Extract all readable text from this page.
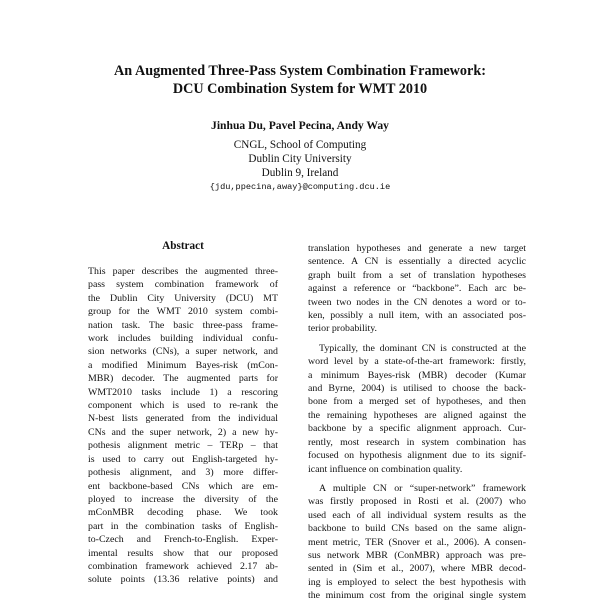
An Augmented Three-Pass System Combination Framework:
DCU Combination System for WMT 2010
Jinhua Du, Pavel Pecina, Andy Way
CNGL, School of Computing
Dublin City University
Dublin 9, Ireland
{jdu,ppecina,away}@computing.dcu.ie
Abstract
This paper describes the augmented three-
pass system combination framework of
the Dublin City University (DCU) MT
group for the WMT 2010 system combi-
nation task. The basic three-pass frame-
work includes building individual confu-
sion networks (CNs), a super network, and
a modified Minimum Bayes-risk (mCon-
MBR) decoder. The augmented parts for
WMT2010 tasks include 1) a rescoring
component which is used to re-rank the
N-best lists generated from the individual
CNs and the super network, 2) a new hy-
pothesis alignment metric – TERp – that
is used to carry out English-targeted hy-
pothesis alignment, and 3) more differ-
ent backbone-based CNs which are em-
ployed to increase the diversity of the
mConMBR decoding phase. We took
part in the combination tasks of English-
to-Czech and French-to-English. Exper-
imental results show that our proposed
combination framework achieved 2.17 ab-
solute points (13.36 relative points) and

translation hypotheses and generate a new target
sentence. A CN is essentially a directed acyclic
graph built from a set of translation hypotheses
against a reference or “backbone”. Each arc be-
tween two nodes in the CN denotes a word or to-
ken, possibly a null item, with an associated pos-
terior probability.

Typically, the dominant CN is constructed at the
word level by a state-of-the-art framework: firstly,
a minimum Bayes-risk (MBR) decoder (Kumar
and Byrne, 2004) is utilised to choose the back-
bone from a merged set of hypotheses, and then
the remaining hypotheses are aligned against the
backbone by a specific alignment approach. Cur-
rently, most research in system combination has
focused on hypothesis alignment due to its signif-
icant influence on combination quality.

A multiple CN or “super-network” framework
was firstly proposed in Rosti et al. (2007) who
used each of all individual system results as the
backbone to build CNs based on the same align-
ment metric, TER (Snover et al., 2006). A consen-
sus network MBR (ConMBR) approach was pre-
sented in (Sim et al., 2007), where MBR decod-
ing is employed to select the best hypothesis with
the minimum cost from the original single system
